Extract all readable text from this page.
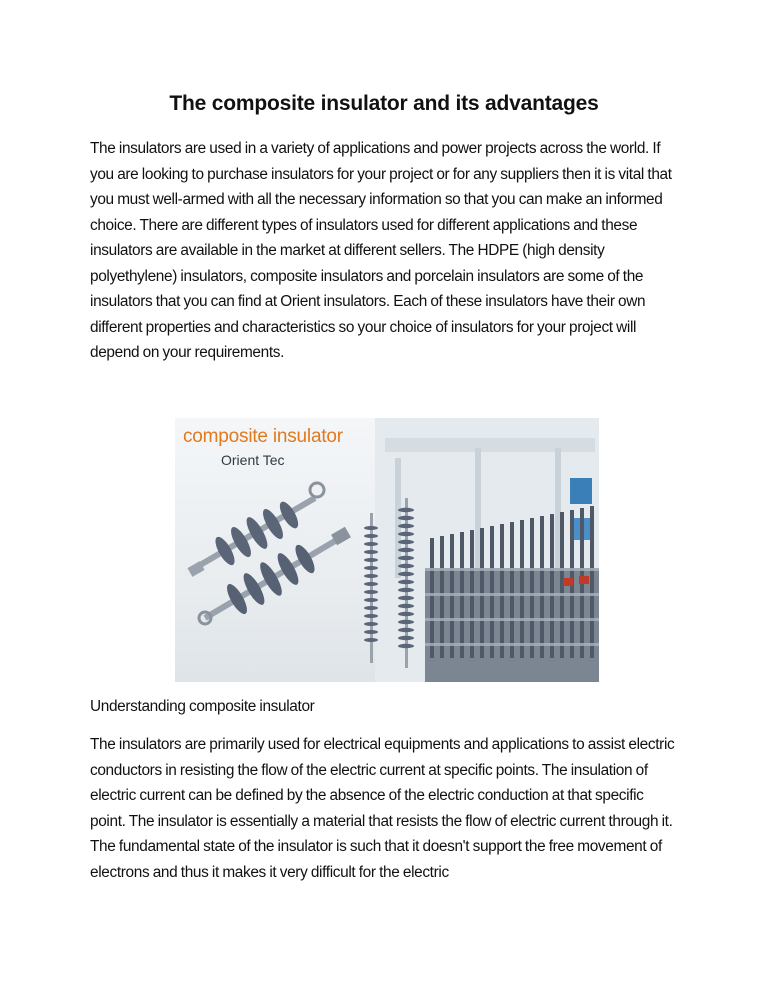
The composite insulator and its advantages

The insulators are used in a variety of applications and power projects across the world. If you are looking to purchase insulators for your project or for any suppliers then it is vital that you must well-armed with all the necessary information so that you can make an informed choice. There are different types of insulators used for different applications and these insulators are available in the market at different sellers. The HDPE (high density polyethylene) insulators, composite insulators and porcelain insulators are some of the insulators that you can find at Orient insulators. Each of these insulators have their own different properties and characteristics so your choice of insulators for your project will depend on your requirements.

composite insulator

Orient Tec

Understanding composite insulator

The insulators are primarily used for electrical equipments and applications to assist electric conductors in resisting the flow of the electric current at specific points. The insulation of electric current can be defined by the absence of the electric conduction at that specific point. The insulator is essentially a material that resists the flow of electric current through it. The fundamental state of the insulator is such that it doesn't support the free movement of electrons and thus it makes it very difficult for the electric
